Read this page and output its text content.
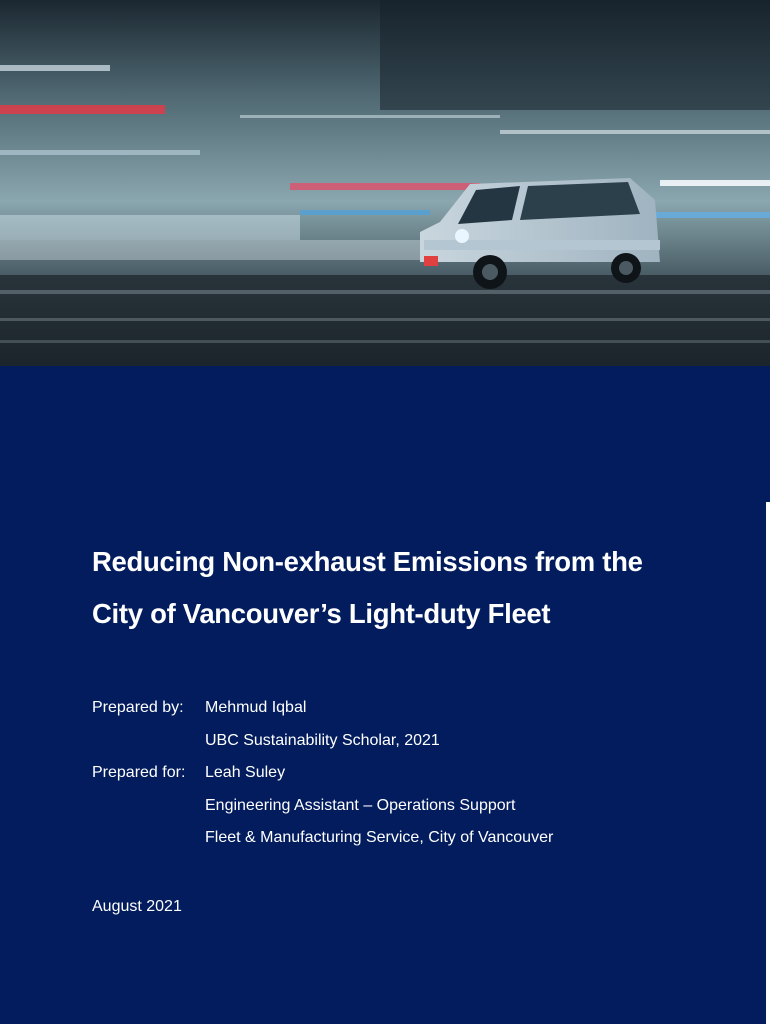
Reducing Non-exhaust Emissions from the
City of Vancouver’s Light-duty Fleet
Prepared by:	Mehmud Iqbal
UBC Sustainability Scholar, 2021
Prepared for:	Leah Suley
Engineering Assistant – Operations Support
Fleet & Manufacturing Service, City of Vancouver
August 2021
